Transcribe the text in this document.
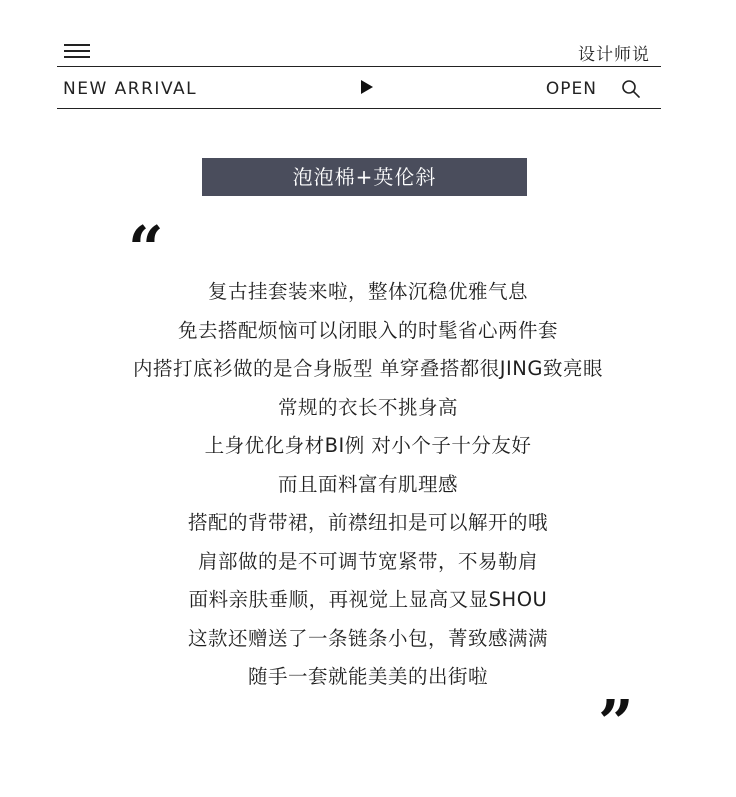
设计师说
NEW ARRIVAL	OPEN
泡泡棉+英伦斜
“
复古挂套装来啦，整体沉稳优雅气息
免去搭配烦恼可以闭眼入的时髦省心两件套
内搭打底衫做的是合身版型 单穿叠搭都很JING致亮眼
常规的衣长不挑身高
上身优化身材BI例 对小个子十分友好
而且面料富有肌理感
搭配的背带裙，前襟纽扣是可以解开的哦
肩部做的是不可调节宽紧带，不易勒肩
面料亲肤垂顺，再视觉上显高又显SHOU
这款还赠送了一条链条小包，菁致感满满
随手一套就能美美的出街啦
”
